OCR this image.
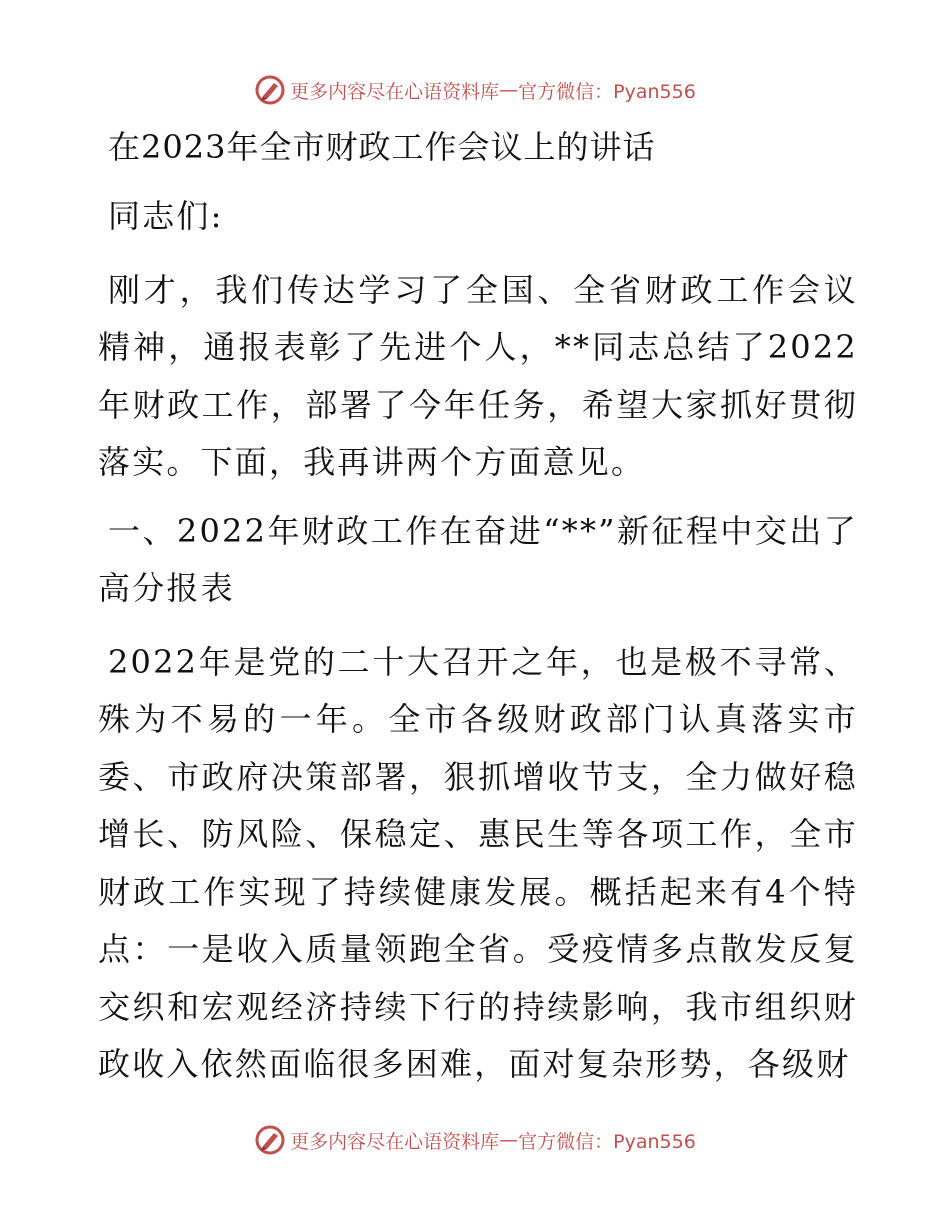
更多内容尽在心语资料库 — 官方微信：Pyan556
在2023年全市财政工作会议上的讲话
同志们:
刚才，我们传达学习了全国、全省财政工作会议精神，通报表彰了先进个人，**同志总结了2022年财政工作，部署了今年任务，希望大家抓好贯彻落实。下面，我再讲两个方面意见。
一、2022年财政工作在奋进“**”新征程中交出了高分报表
2022年是党的二十大召开之年，也是极不寻常、殊为不易的一年。全市各级财政部门认真落实市委、市政府决策部署，狠抓增收节支，全力做好稳增长、防风险、保稳定、惠民生等各项工作，全市财政工作实现了持续健康发展。概括起来有4个特点：一是收入质量领跑全省。受疫情多点散发反复交织和宏观经济持续下行的持续影响，我市组织财政收入依然面临很多困难，面对复杂形势，各级财
更多内容尽在心语资料库 — 官方微信：Pyan556
